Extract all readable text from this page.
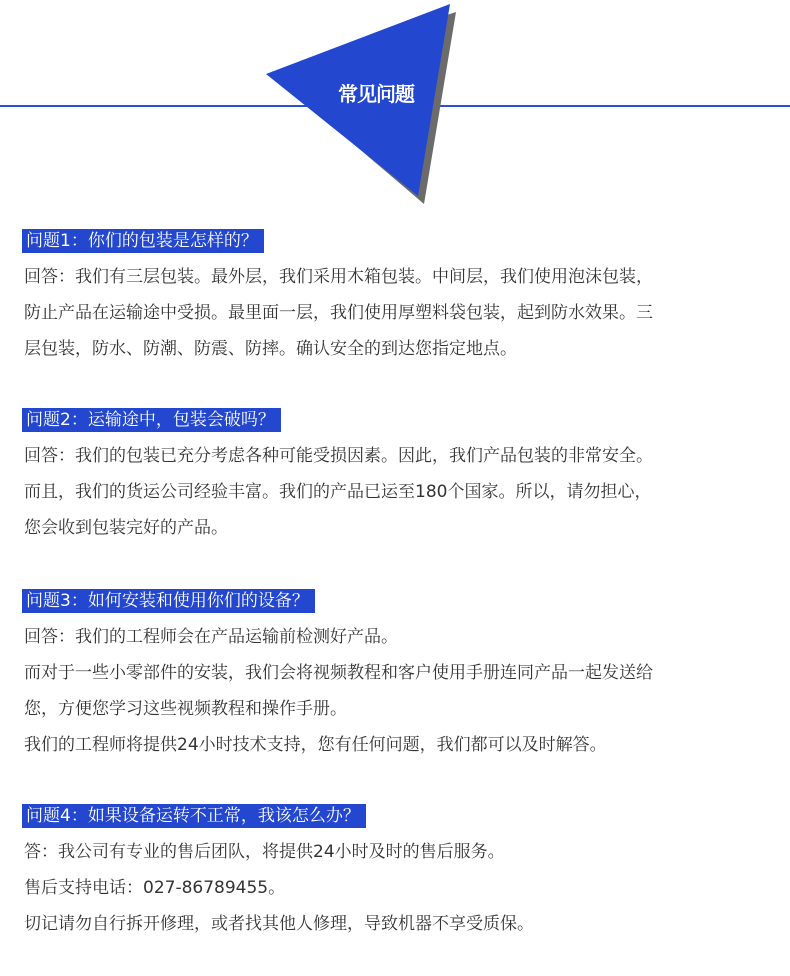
常见问题
问题1：你们的包装是怎样的？
回答：我们有三层包装。最外层，我们采用木箱包装。中间层，我们使用泡沫包装，
防止产品在运输途中受损。最里面一层，我们使用厚塑料袋包装，起到防水效果。三
层包装，防水、防潮、防震、防摔。确认安全的到达您指定地点。
问题2：运输途中，包装会破吗？
回答：我们的包装已充分考虑各种可能受损因素。因此，我们产品包装的非常安全。
而且，我们的货运公司经验丰富。我们的产品已运至180个国家。所以，请勿担心，
您会收到包装完好的产品。
问题3：如何安装和使用你们的设备？
回答：我们的工程师会在产品运输前检测好产品。
而对于一些小零部件的安装，我们会将视频教程和客户使用手册连同产品一起发送给
您，方便您学习这些视频教程和操作手册。
我们的工程师将提供24小时技术支持，您有任何问题，我们都可以及时解答。
问题4：如果设备运转不正常，我该怎么办？
答：我公司有专业的售后团队，将提供24小时及时的售后服务。
售后支持电话：027-86789455。
切记请勿自行拆开修理，或者找其他人修理，导致机器不享受质保。
